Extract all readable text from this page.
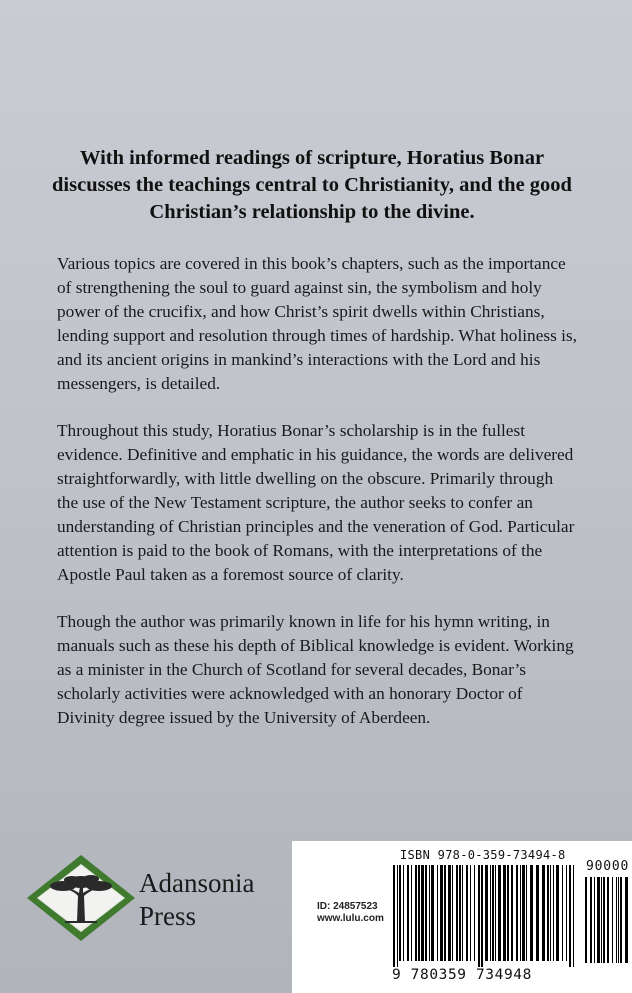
With informed readings of scripture, Horatius Bonar discusses the teachings central to Christianity, and the good Christian’s relationship to the divine.

Various topics are covered in this book’s chapters, such as the importance of strengthening the soul to guard against sin, the symbolism and holy power of the crucifix, and how Christ’s spirit dwells within Christians, lending support and resolution through times of hardship. What holiness is, and its ancient origins in mankind’s interactions with the Lord and his messengers, is detailed.

Throughout this study, Horatius Bonar’s scholarship is in the fullest evidence. Definitive and emphatic in his guidance, the words are delivered straightforwardly, with little dwelling on the obscure. Primarily through the use of the New Testament scripture, the author seeks to confer an understanding of Christian principles and the veneration of God. Particular attention is paid to the book of Romans, with the interpretations of the Apostle Paul taken as a foremost source of clarity.

Though the author was primarily known in life for his hymn writing, in manuals such as these his depth of Biblical knowledge is evident. Working as a minister in the Church of Scotland for several decades, Bonar’s scholarly activities were acknowledged with an honorary Doctor of Divinity degree issued by the University of Aberdeen.

Adansonia
Press
ISBN 978-0-359-73494-8
ID: 24857523
www.lulu.com
90000
9 780359 734948
